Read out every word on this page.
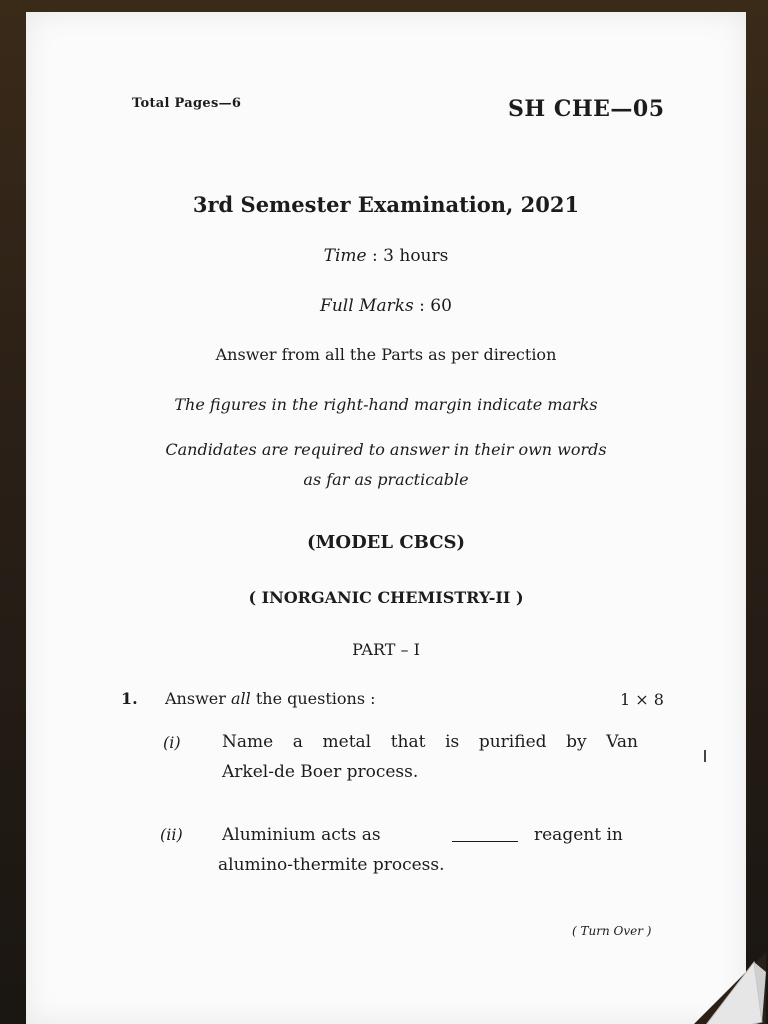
Total Pages—6	SH CHE—05
3rd Semester Examination, 2021
Time : 3 hours
Full Marks : 60
Answer from all the Parts as per direction
The figures in the right-hand margin indicate marks
Candidates are required to answer in their own words
as far as practicable
(MODEL CBCS)
( INORGANIC CHEMISTRY-II )
PART – I
1. Answer all the questions :	1 × 8
(i) Name a metal that is purified by Van
Arkel-de Boer process.
(ii) Aluminium acts as	reagent in
alumino-thermite process.
( Turn Over )
